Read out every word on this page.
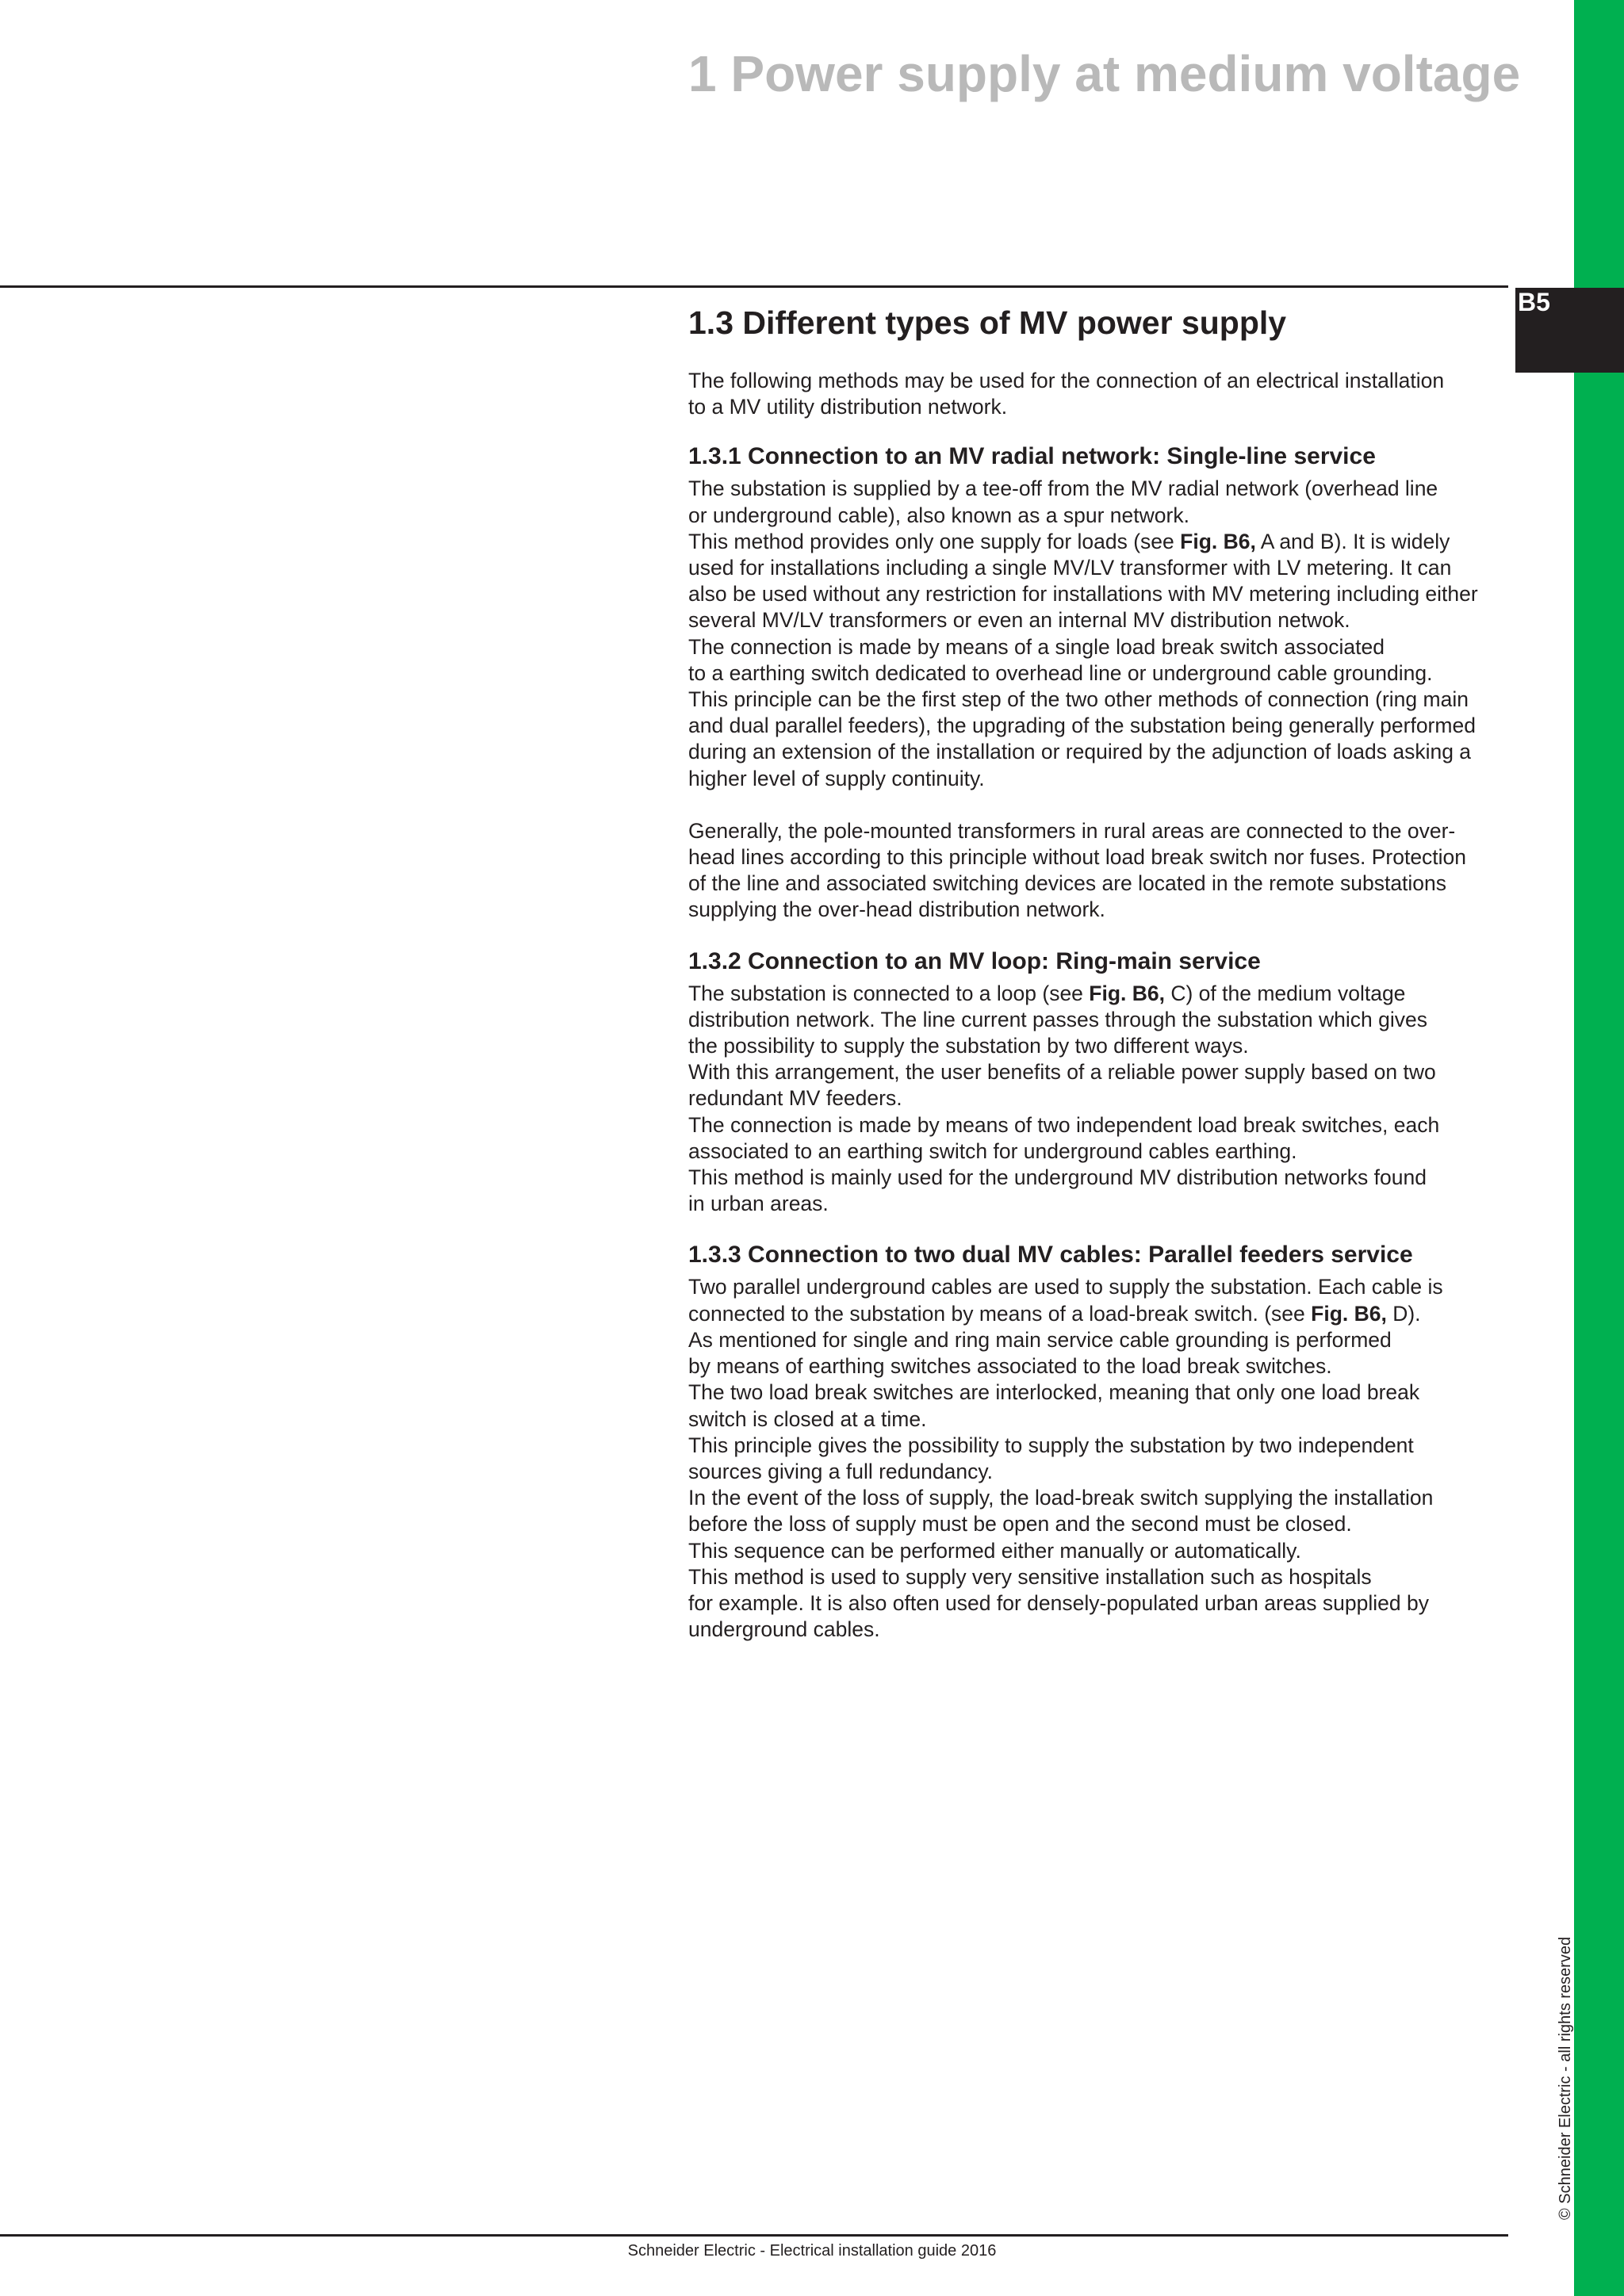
1 Power supply at medium voltage
B5
1.3 Different types of MV power supply

The following methods may be used for the connection of an electrical installation

to a MV utility distribution network.

1.3.1 Connection to an MV radial network: Single-line service

The substation is supplied by a tee-off from the MV radial network (overhead line

or underground cable), also known as a spur network.

This method provides only one supply for loads (see Fig. B6, A and B). It is widely

used for installations including a single MV/LV transformer with LV metering. It can

also be used without any restriction for installations with MV metering including either

several MV/LV transformers or even an internal MV distribution netwok.

The connection is made by means of a single load break switch associated

to a earthing switch dedicated to overhead line or underground cable grounding.

This principle can be the first step of the two other methods of connection (ring main

and dual parallel feeders), the upgrading of the substation being generally performed

during an extension of the installation or required by the adjunction of loads asking a

higher level of supply continuity.

Generally, the pole-mounted transformers in rural areas are connected to the over-

head lines according to this principle without load break switch nor fuses. Protection

of the line and associated switching devices are located in the remote substations

supplying the over-head distribution network.

1.3.2 Connection to an MV loop: Ring-main service

The substation is connected to a loop (see Fig. B6, C) of the medium voltage

distribution network. The line current passes through the substation which gives

the possibility to supply the substation by two different ways.

With this arrangement, the user benefits of a reliable power supply based on two

redundant MV feeders.

The connection is made by means of two independent load break switches, each

associated to an earthing switch for underground cables earthing.

This method is mainly used for the underground MV distribution networks found

in urban areas.

1.3.3 Connection to two dual MV cables: Parallel feeders service

Two parallel underground cables are used to supply the substation. Each cable is

connected to the substation by means of a load-break switch. (see Fig. B6, D).

As mentioned for single and ring main service cable grounding is performed

by means of earthing switches associated to the load break switches.

The two load break switches are interlocked, meaning that only one load break

switch is closed at a time.

This principle gives the possibility to supply the substation by two independent

sources giving a full redundancy.

In the event of the loss of supply, the load-break switch supplying the installation

before the loss of supply must be open and the second must be closed.

This sequence can be performed either manually or automatically.

This method is used to supply very sensitive installation such as hospitals

for example. It is also often used for densely-populated urban areas supplied by

underground cables.

© Schneider Electric - all rights reserved
Schneider Electric - Electrical installation guide 2016
